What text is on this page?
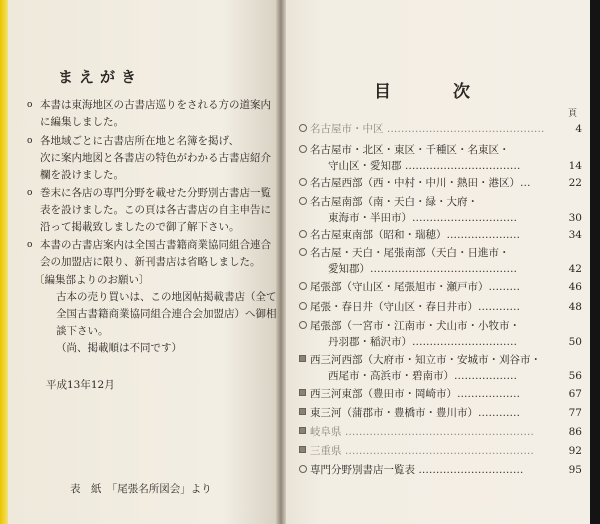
まえがき
o 本書は東海地区の古書店巡りをされる方の道案内
に編集しました。
o 各地域ごとに古書店所在地と名簿を掲げ、
次に案内地図と各書店の特色がわかる古書店紹介
欄を設けました。
o 巻末に各店の専門分野を載せた分野別古書店一覧
表を設けました。この頁は各古書店の自主申告に
沿って掲載致しましたので御了解下さい。
o 本書の古書店案内は全国古書籍商業協同組合連合
会の加盟店に限り、新刊書店は省略しました。
〔編集部よりのお願い〕
古本の売り買いは、この地図帖掲載書店（全て
全国古書籍商業協同組合連合会加盟店）へ御相
談下さい。
（尚、掲載順は不同です）
平成13年12月
表　紙　「尾張名所図会」より
目次
頁
名古屋市・中区 ………………………………………	4
名古屋市・北区・東区・千種区・名東区・
守山区・愛知郡 ……………………………	14
名古屋西部（西・中村・中川・熱田・港区）…	22
名古屋南部（南・天白・緑・大府・
東海市・半田市）…………………………	30
名古屋東南部（昭和・瑞穂）…………………	34
名古屋・天白・尾張南部（天白・日進市・
愛知郡）……………………………………	42
尾張部（守山区・尾張旭市・瀬戸市）………	46
尾張・春日井（守山区・春日井市）…………	48
尾張部（一宮市・江南市・犬山市・小牧市・
丹羽郡・稲沢市）…………………………	50
西三河西部（大府市・知立市・安城市・刈谷市・
西尾市・高浜市・碧南市）………………	56
西三河東部（豊田市・岡崎市）………………	67
東三河（蒲郡市・豊橋市・豊川市）…………	77
岐阜県 ………………………………………………	86
三重県 ………………………………………………	92
専門分野別書店一覧表 …………………………	95
